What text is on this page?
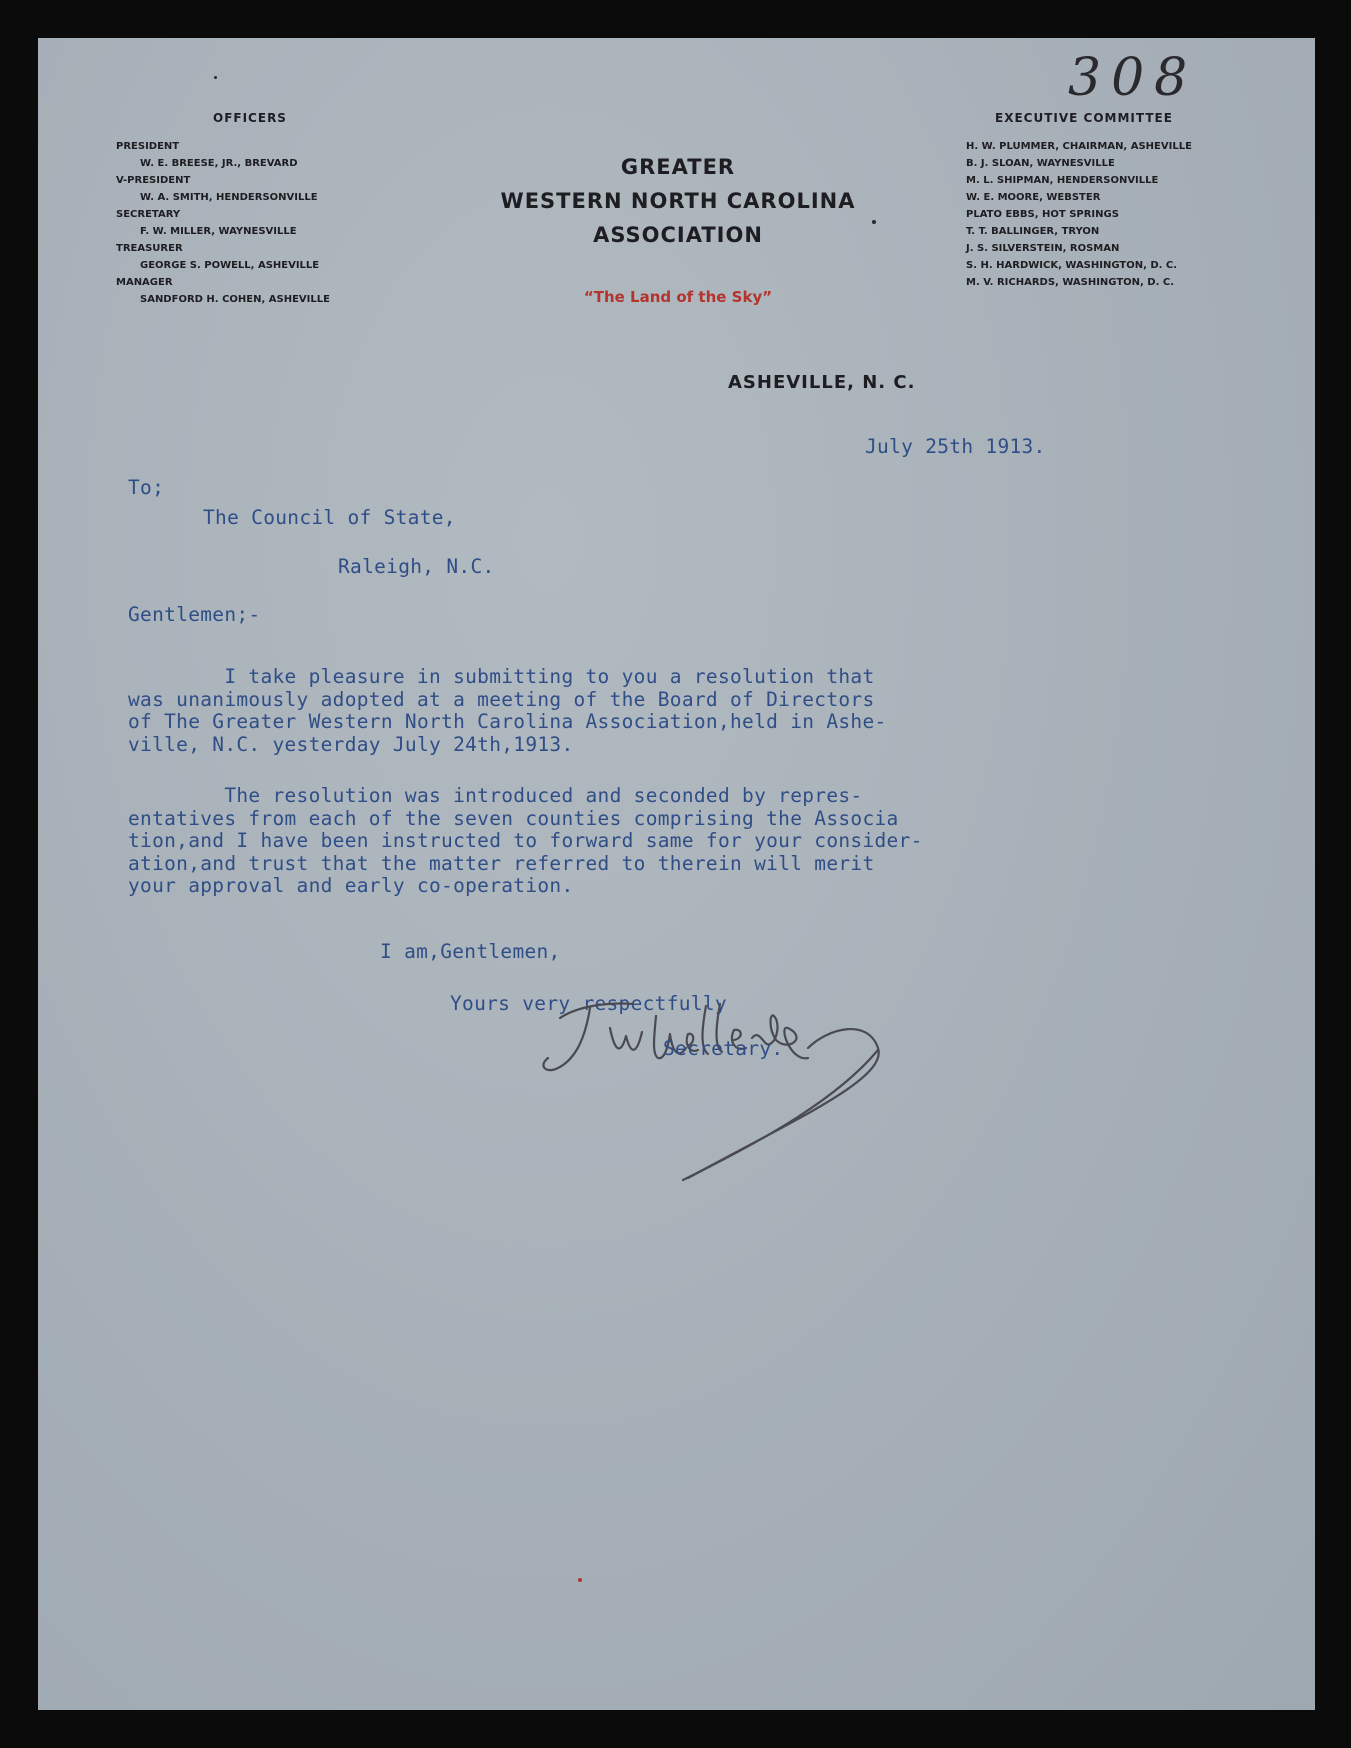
308
OFFICERS
PRESIDENT
W. E. BREESE, JR., BREVARD
V-PRESIDENT
W. A. SMITH, HENDERSONVILLE
SECRETARY
F. W. MILLER, WAYNESVILLE
TREASURER
GEORGE S. POWELL, ASHEVILLE
MANAGER
SANDFORD H. COHEN, ASHEVILLE
GREATER
WESTERN NORTH CAROLINA
ASSOCIATION
“The Land of the Sky”
EXECUTIVE COMMITTEE
H. W. PLUMMER, CHAIRMAN, ASHEVILLE
B. J. SLOAN, WAYNESVILLE
M. L. SHIPMAN, HENDERSONVILLE
W. E. MOORE, WEBSTER
PLATO EBBS, HOT SPRINGS
T. T. BALLINGER, TRYON
J. S. SILVERSTEIN, ROSMAN
S. H. HARDWICK, WASHINGTON, D. C.
M. V. RICHARDS, WASHINGTON, D. C.
ASHEVILLE, N. C.
July 25th 1913.
To;
The Council of State,
Raleigh, N.C.
Gentlemen;-
I take pleasure in submitting to you a resolution that
was unanimously adopted at a meeting of the Board of Directors
of The Greater Western North Carolina Association,held in Ashe-
ville, N.C. yesterday July 24th,1913.
The resolution was introduced and seconded by repres-
entatives from each of the seven counties comprising the Associa
tion,and I have been instructed to forward same for your consider-
ation,and trust that the matter referred to therein will merit
your approval and early co-operation.
I am,Gentlemen,
Yours very respectfully
Secretary.
